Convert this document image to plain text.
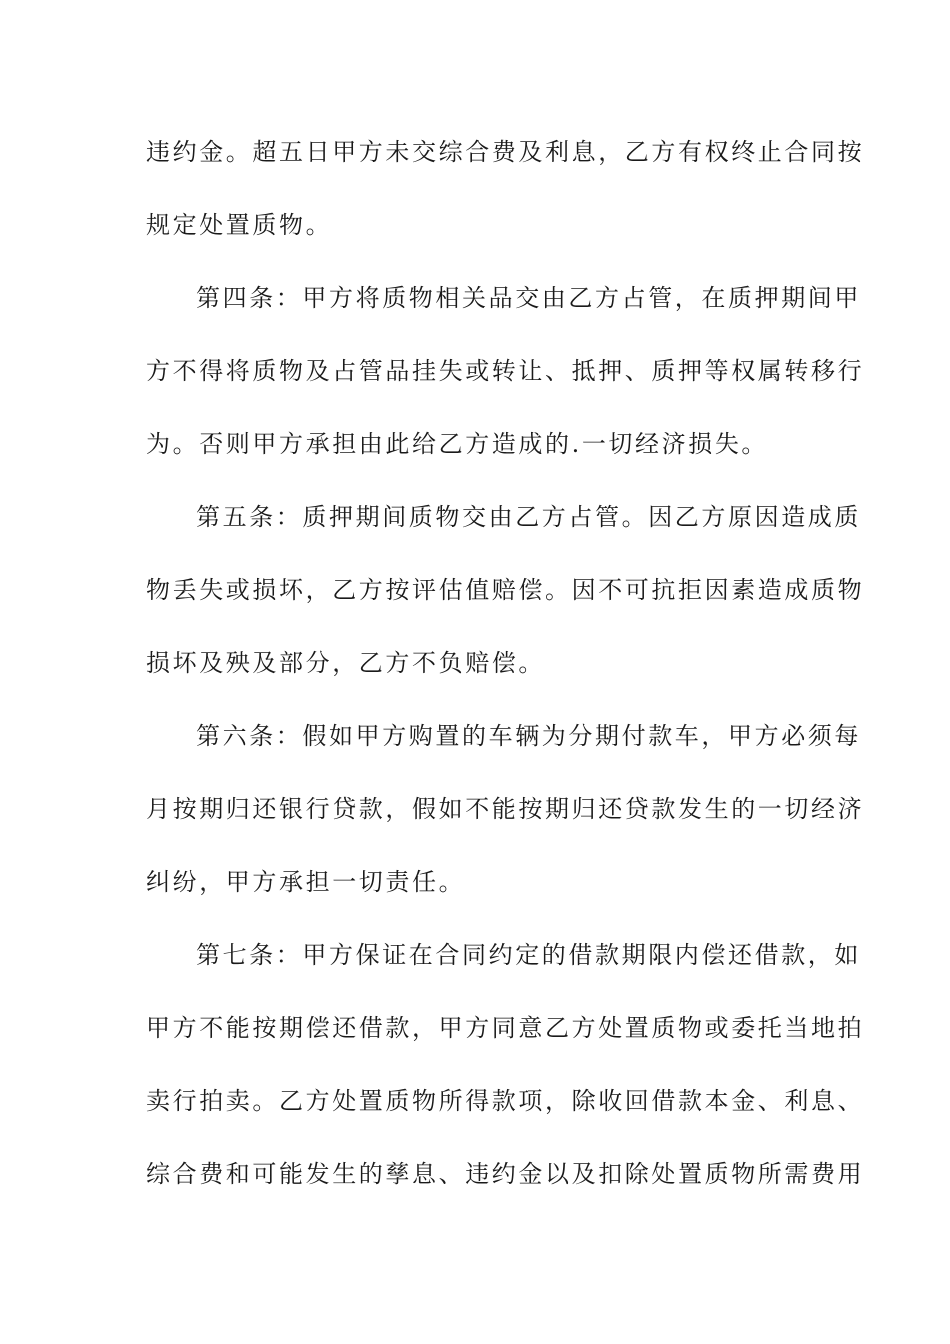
违约金。超五日甲方未交综合费及利息，乙方有权终止合同按
规定处置质物。
第四条：甲方将质物相关品交由乙方占管，在质押期间甲
方不得将质物及占管品挂失或转让、抵押、质押等权属转移行
为。否则甲方承担由此给乙方造成的.一切经济损失。
第五条：质押期间质物交由乙方占管。因乙方原因造成质
物丢失或损坏，乙方按评估值赔偿。因不可抗拒因素造成质物
损坏及殃及部分，乙方不负赔偿。
第六条：假如甲方购置的车辆为分期付款车，甲方必须每
月按期归还银行贷款，假如不能按期归还贷款发生的一切经济
纠纷，甲方承担一切责任。
第七条：甲方保证在合同约定的借款期限内偿还借款，如
甲方不能按期偿还借款，甲方同意乙方处置质物或委托当地拍
卖行拍卖。乙方处置质物所得款项，除收回借款本金、利息、
综合费和可能发生的孳息、违约金以及扣除处置质物所需费用
